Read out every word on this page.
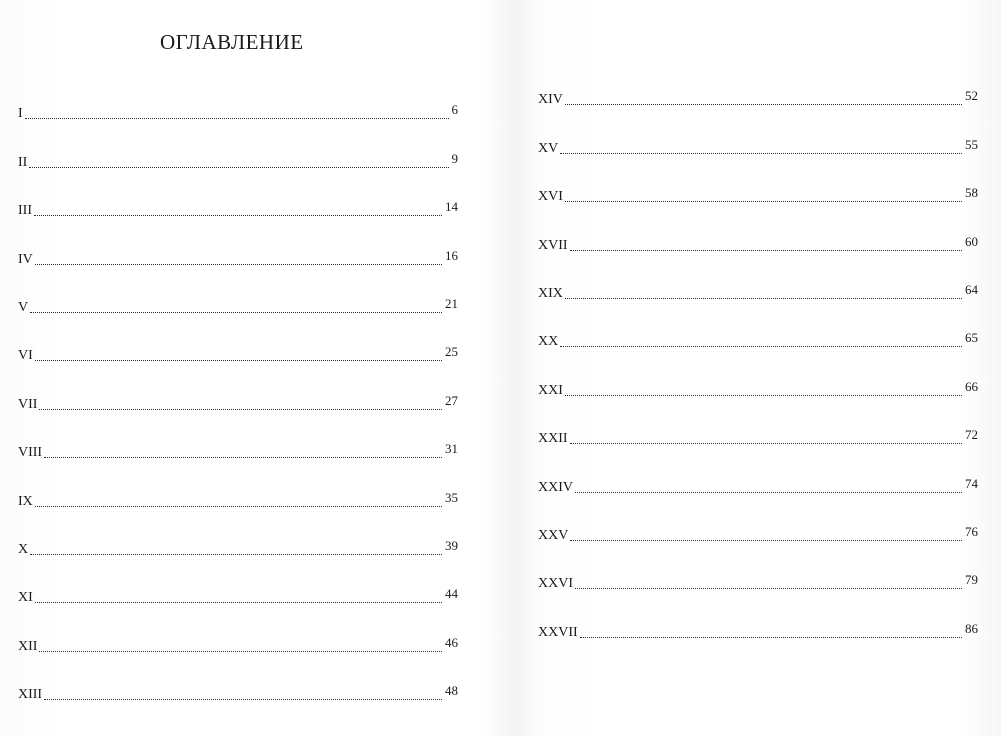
ОГЛАВЛЕНИЕ
I	6
II	9
III	14
IV	16
V	21
VI	25
VII	27
VIII	31
IX	35
X	39
XI	44
XII	46
XIII	48
XIV	52
XV	55
XVI	58
XVII	60
XIX	64
XX	65
XXI	66
XXII	72
XXIV	74
XXV	76
XXVI	79
XXVII	86
